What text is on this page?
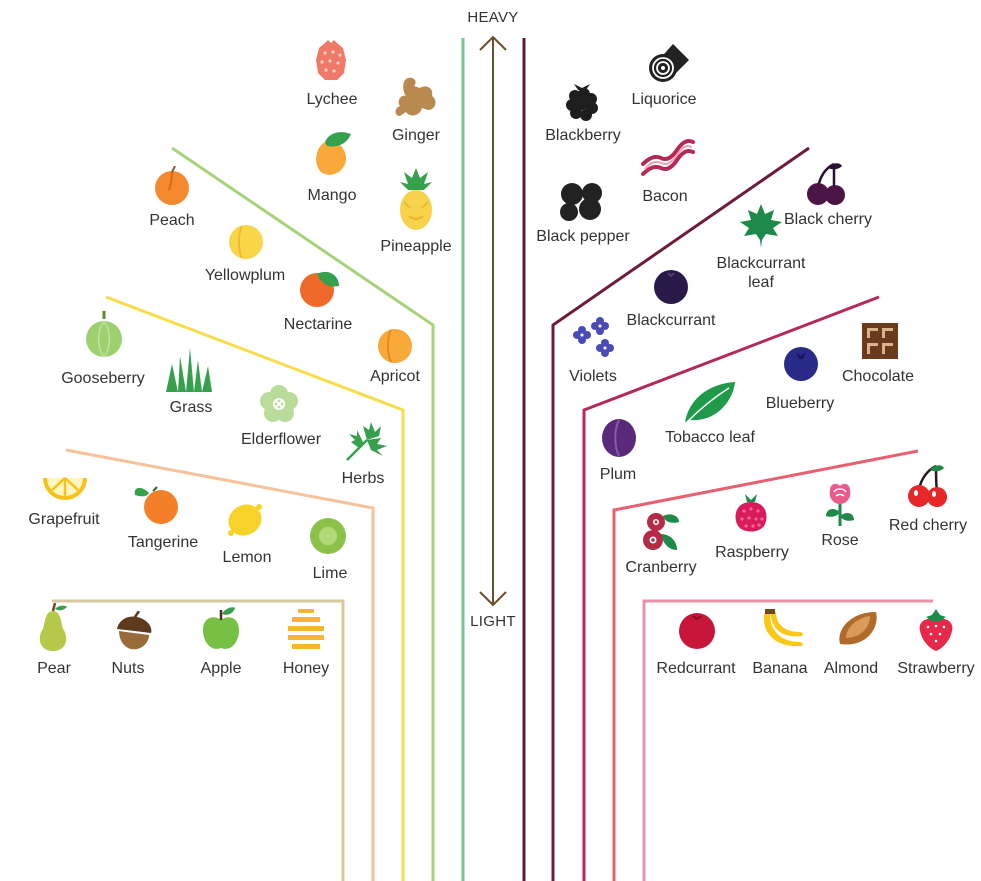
HEAVY
LIGHT
Lychee
Ginger
Mango
Pineapple
Peach
Yellowplum
Nectarine
Apricot
Gooseberry
Grass
Elderflower
Herbs
Grapefruit
Tangerine
Lemon
Lime
Pear	Nuts	Apple	Honey
Blackberry
Liquorice
Bacon
Black pepper
Blackcurrant leaf
Black cherry
Blackcurrant
Violets	Chocolate
Blueberry
Tobacco leaf
Plum
Cranberry
Raspberry
Rose
Red cherry
Redcurrant Banana Almond Strawberry
